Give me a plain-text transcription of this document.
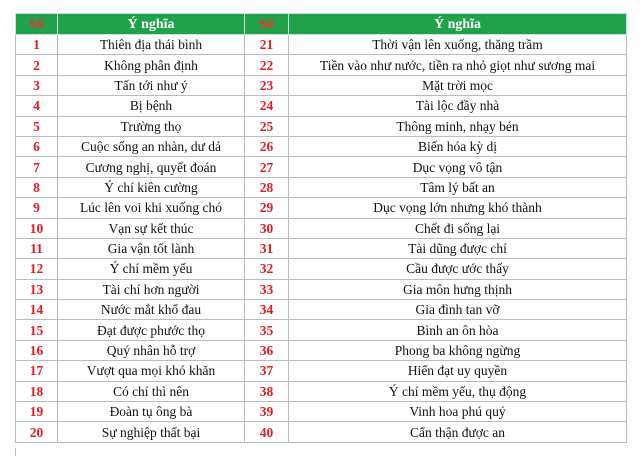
Số	Ý nghĩa	Số	Ý nghĩa
1	Thiên địa thái bình	21	Thời vận lên xuống, thăng trầm
2	Không phân định	22	Tiền vào như nước, tiền ra nhỏ giọt như sương mai
3	Tấn tới như ý	23	Mặt trời mọc
4	Bị bệnh	24	Tài lộc đầy nhà
5	Trường thọ	25	Thông minh, nhạy bén
6	Cuộc sống an nhàn, dư dả	26	Biến hóa kỳ dị
7	Cương nghị, quyết đoán	27	Dục vọng vô tận
8	Ý chí kiên cường	28	Tâm lý bất an
9	Lúc lên voi khi xuống chó	29	Dục vọng lớn nhưng khó thành
10	Vạn sự kết thúc	30	Chết đi sống lại
11	Gia vận tốt lành	31	Tài dũng được chí
12	Ý chí mềm yếu	32	Cầu được ước thấy
13	Tài chí hơn người	33	Gia môn hưng thịnh
14	Nước mắt khổ đau	34	Gia đình tan vỡ
15	Đạt được phước thọ	35	Bình an ôn hòa
16	Quý nhân hỗ trợ	36	Phong ba không ngừng
17	Vượt qua mọi khó khăn	37	Hiển đạt uy quyền
18	Có chí thì nên	38	Ý chí mềm yếu, thụ động
19	Đoàn tụ ông bà	39	Vinh hoa phú quý
20	Sự nghiệp thất bại	40	Cẩn thận được an
